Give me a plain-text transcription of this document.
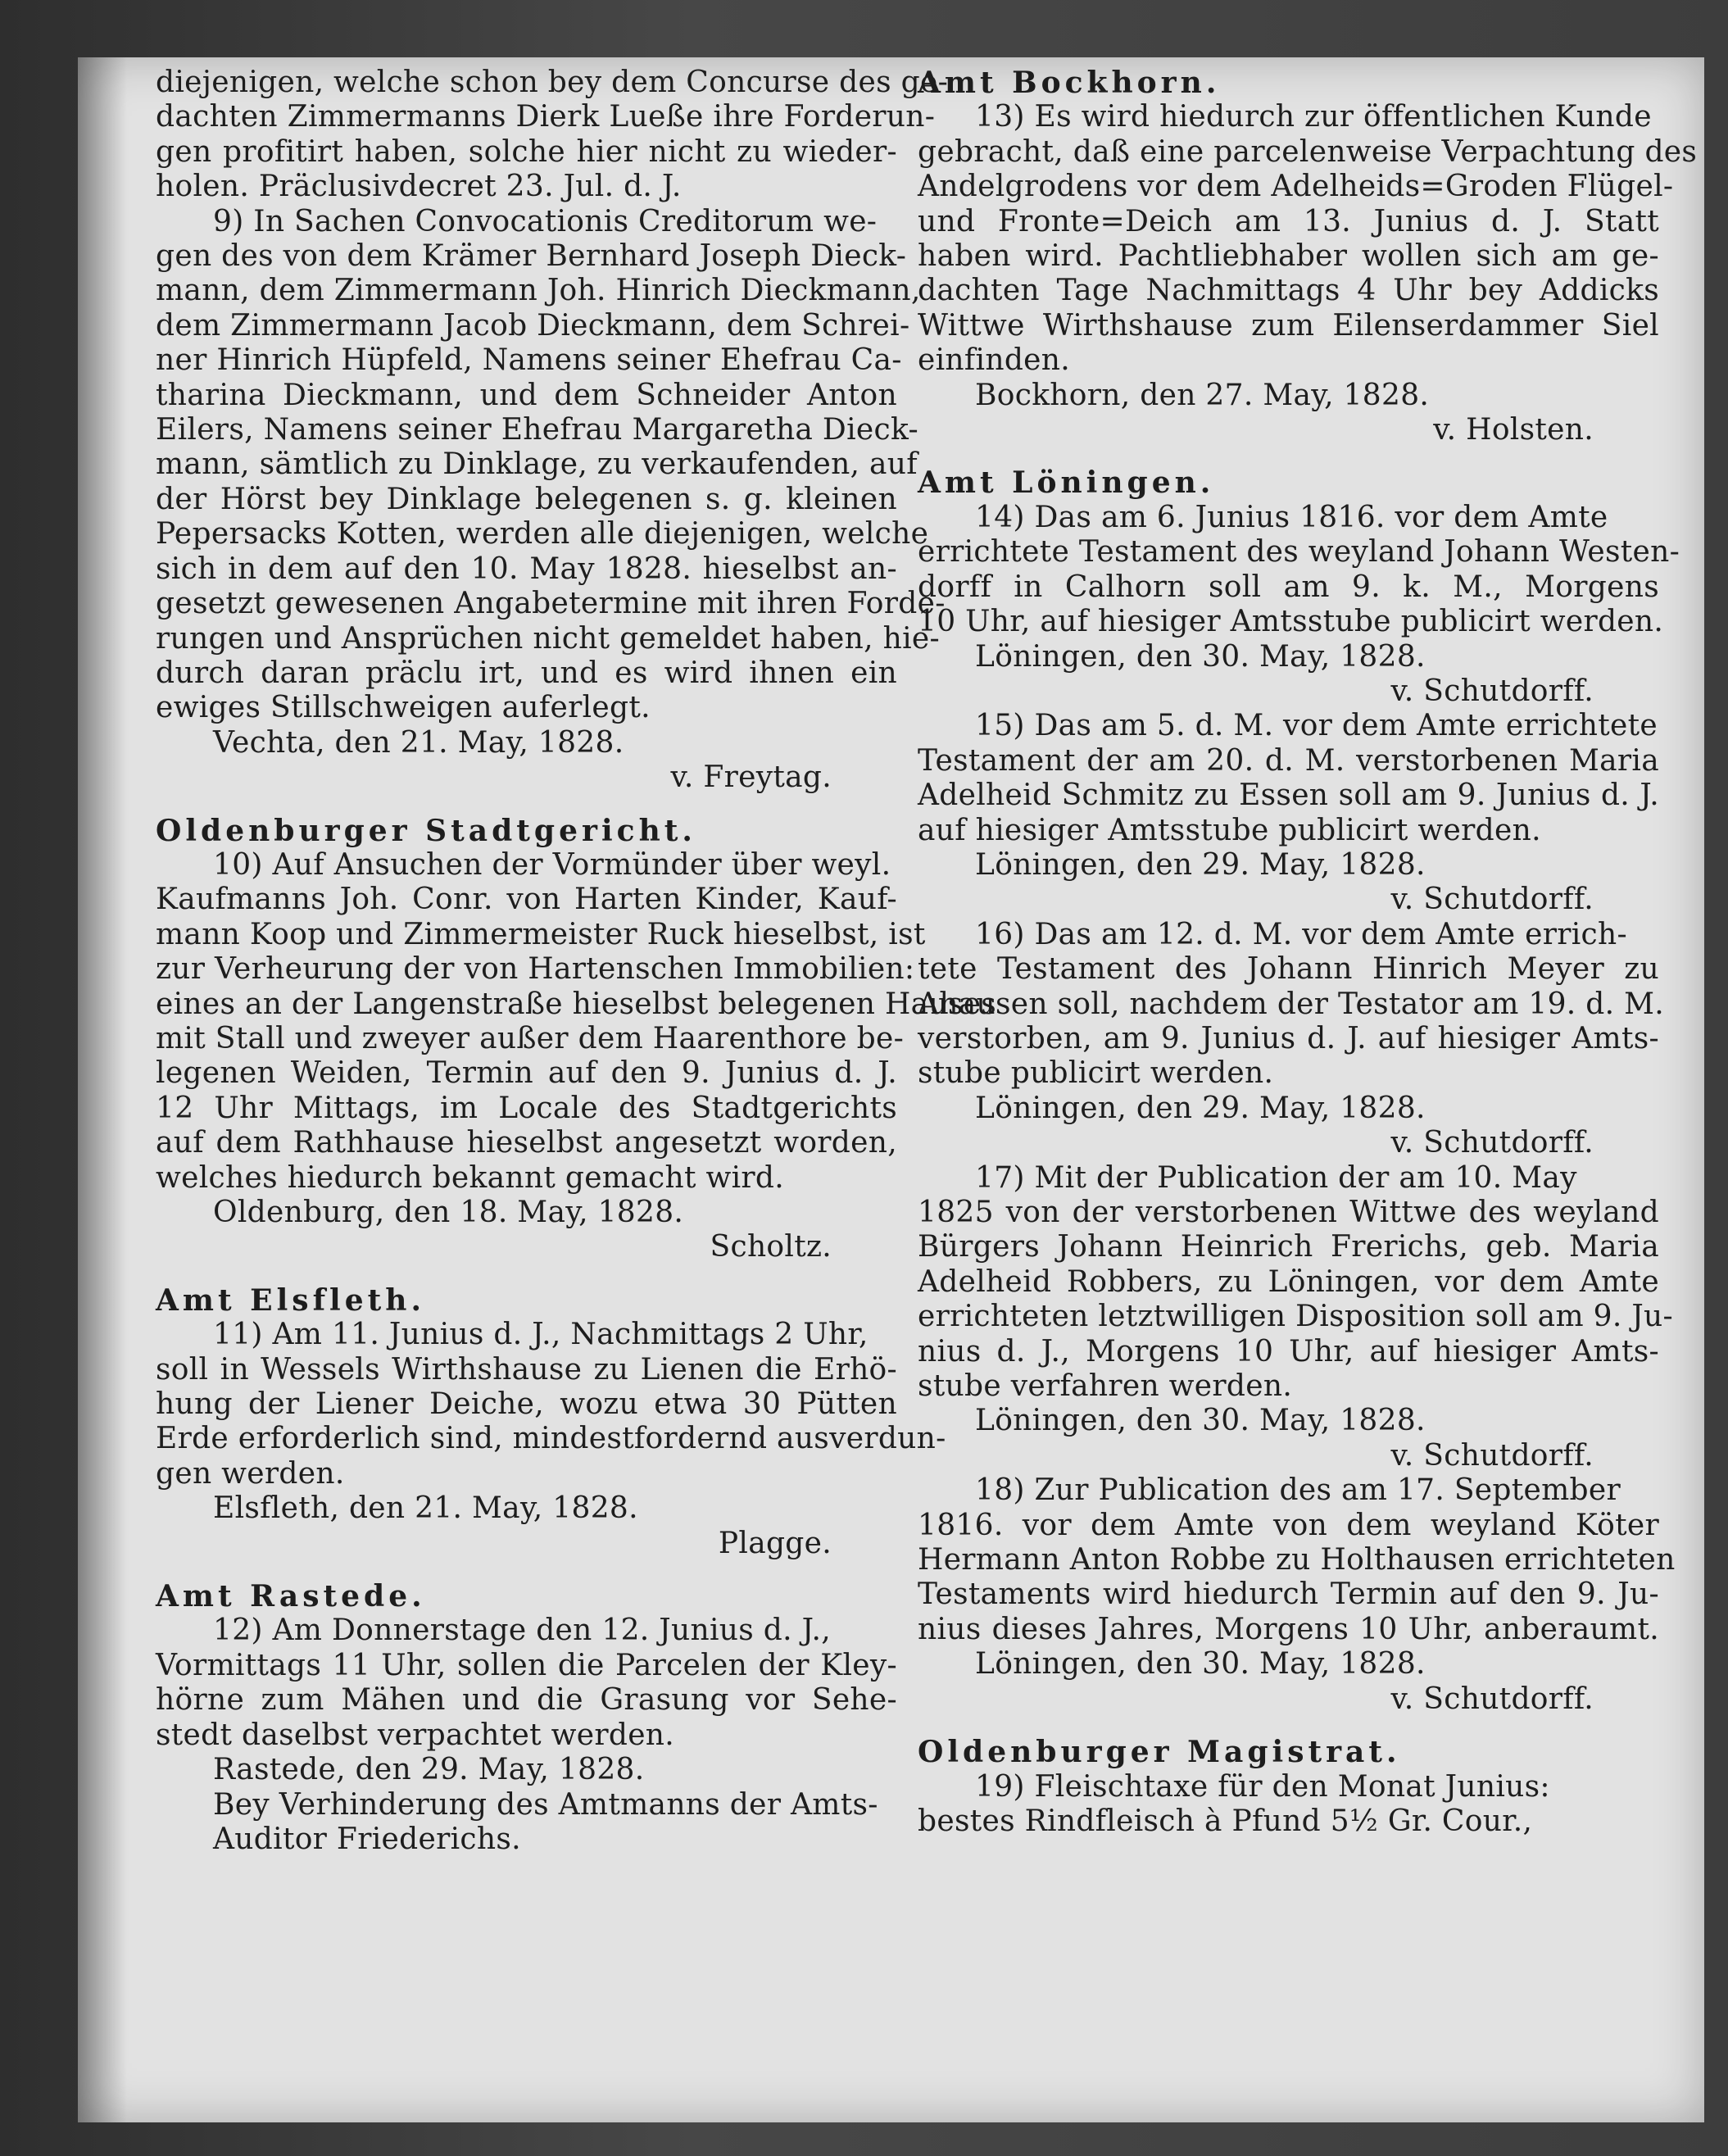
diejenigen, welche schon bey dem Concurse des ge-
dachten Zimmermanns Dierk Lueße ihre Forderun-
gen profitirt haben, solche hier nicht zu wieder-
holen. Präclusivdecret 23. Jul. d. J.
9) In Sachen Convocationis Creditorum we-
gen des von dem Krämer Bernhard Joseph Dieck-
mann, dem Zimmermann Joh. Hinrich Dieckmann,
dem Zimmermann Jacob Dieckmann, dem Schrei-
ner Hinrich Hüpfeld, Namens seiner Ehefrau Ca-
tharina Dieckmann, und dem Schneider Anton
Eilers, Namens seiner Ehefrau Margaretha Dieck-
mann, sämtlich zu Dinklage, zu verkaufenden, auf
der Hörst bey Dinklage belegenen s. g. kleinen
Pepersacks Kotten, werden alle diejenigen, welche
sich in dem auf den 10. May 1828. hieselbst an-
gesetzt gewesenen Angabetermine mit ihren Forde-
rungen und Ansprüchen nicht gemeldet haben, hie-
durch daran präclu irt, und es wird ihnen ein
ewiges Stillschweigen auferlegt.
Vechta, den 21. May, 1828.
v. Freytag.
Oldenburger Stadtgericht.
10) Auf Ansuchen der Vormünder über weyl.
Kaufmanns Joh. Conr. von Harten Kinder, Kauf-
mann Koop und Zimmermeister Ruck hieselbst, ist
zur Verheurung der von Hartenschen Immobilien:
eines an der Langenstraße hieselbst belegenen Hauses
mit Stall und zweyer außer dem Haarenthore be-
legenen Weiden, Termin auf den 9. Junius d. J.
12 Uhr Mittags, im Locale des Stadtgerichts
auf dem Rathhause hieselbst angesetzt worden,
welches hiedurch bekannt gemacht wird.
Oldenburg, den 18. May, 1828.
Scholtz.
Amt Elsfleth.
11) Am 11. Junius d. J., Nachmittags 2 Uhr,
soll in Wessels Wirthshause zu Lienen die Erhö-
hung der Liener Deiche, wozu etwa 30 Pütten
Erde erforderlich sind, mindestfordernd ausverdun-
gen werden.
Elsfleth, den 21. May, 1828.
Plagge.
Amt Rastede.
12) Am Donnerstage den 12. Junius d. J.,
Vormittags 11 Uhr, sollen die Parcelen der Kley-
hörne zum Mähen und die Grasung vor Sehe-
stedt daselbst verpachtet werden.
Rastede, den 29. May, 1828.
Bey Verhinderung des Amtmanns der Amts-
Auditor Friederichs.
Amt Bockhorn.
13) Es wird hiedurch zur öffentlichen Kunde
gebracht, daß eine parcelenweise Verpachtung des
Andelgrodens vor dem Adelheids=Groden Flügel-
und Fronte=Deich am 13. Junius d. J. Statt
haben wird. Pachtliebhaber wollen sich am ge-
dachten Tage Nachmittags 4 Uhr bey Addicks
Wittwe Wirthshause zum Eilenserdammer Siel
einfinden.
Bockhorn, den 27. May, 1828.
v. Holsten.
Amt Löningen.
14) Das am 6. Junius 1816. vor dem Amte
errichtete Testament des weyland Johann Westen-
dorff in Calhorn soll am 9. k. M., Morgens
10 Uhr, auf hiesiger Amtsstube publicirt werden.
Löningen, den 30. May, 1828.
v. Schutdorff.
15) Das am 5. d. M. vor dem Amte errichtete
Testament der am 20. d. M. verstorbenen Maria
Adelheid Schmitz zu Essen soll am 9. Junius d. J.
auf hiesiger Amtsstube publicirt werden.
Löningen, den 29. May, 1828.
v. Schutdorff.
16) Das am 12. d. M. vor dem Amte errich-
tete Testament des Johann Hinrich Meyer zu
Ahausen soll, nachdem der Testator am 19. d. M.
verstorben, am 9. Junius d. J. auf hiesiger Amts-
stube publicirt werden.
Löningen, den 29. May, 1828.
v. Schutdorff.
17) Mit der Publication der am 10. May
1825 von der verstorbenen Wittwe des weyland
Bürgers Johann Heinrich Frerichs, geb. Maria
Adelheid Robbers, zu Löningen, vor dem Amte
errichteten letztwilligen Disposition soll am 9. Ju-
nius d. J., Morgens 10 Uhr, auf hiesiger Amts-
stube verfahren werden.
Löningen, den 30. May, 1828.
v. Schutdorff.
18) Zur Publication des am 17. September
1816. vor dem Amte von dem weyland Köter
Hermann Anton Robbe zu Holthausen errichteten
Testaments wird hiedurch Termin auf den 9. Ju-
nius dieses Jahres, Morgens 10 Uhr, anberaumt.
Löningen, den 30. May, 1828.
v. Schutdorff.
Oldenburger Magistrat.
19) Fleischtaxe für den Monat Junius:
bestes Rindfleisch à Pfund 5½ Gr. Cour.,
